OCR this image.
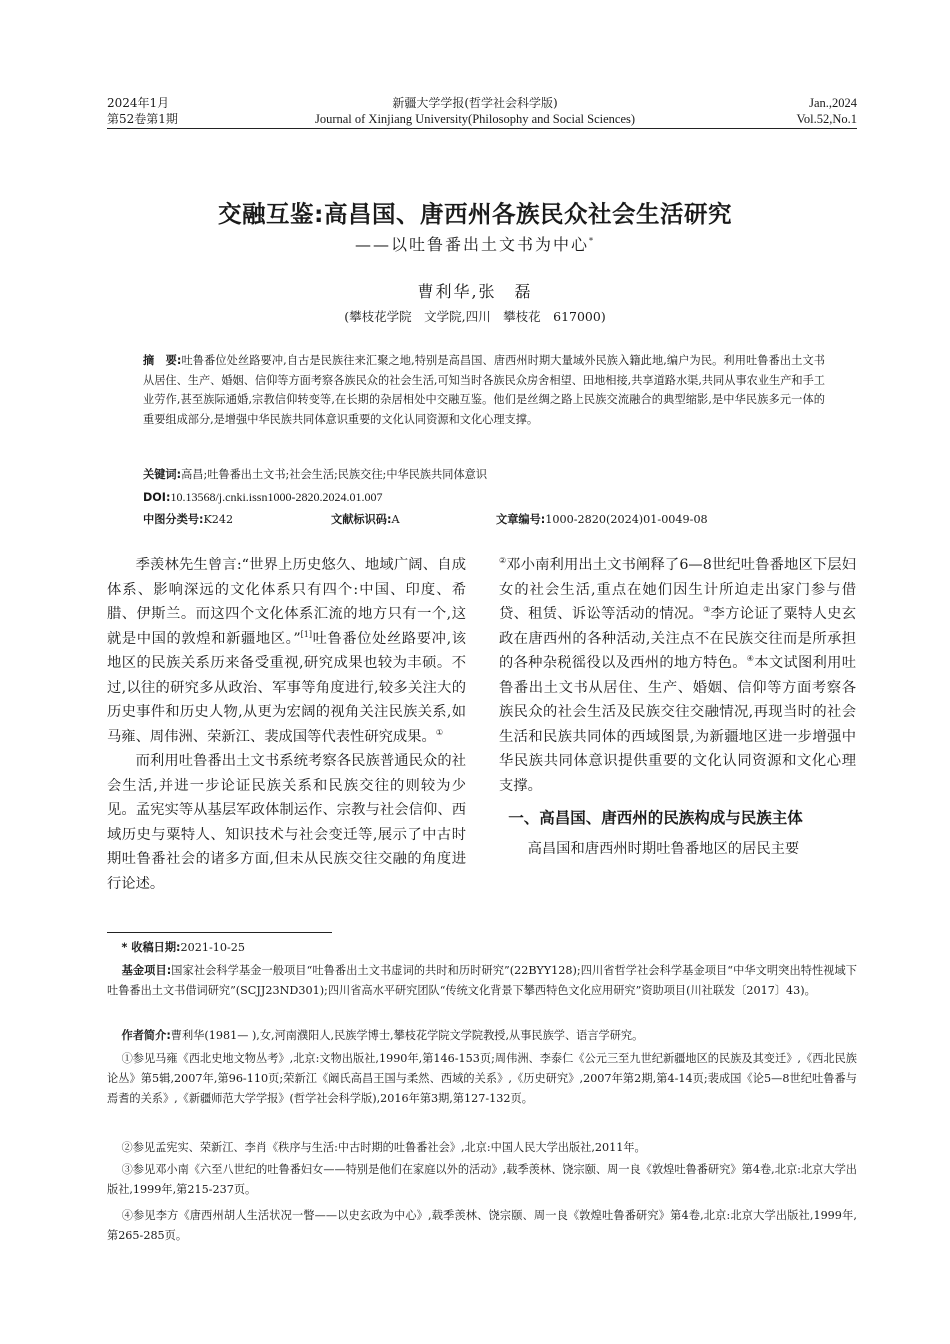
2024年1月
第52卷第1期
新疆大学学报(哲学社会科学版)
Journal of Xinjiang University(Philosophy and Social Sciences)
Jan.,2024
Vol.52,No.1
交融互鉴:高昌国、唐西州各族民众社会生活研究
——以吐鲁番出土文书为中心*
曹利华,张　磊
(攀枝花学院　文学院,四川　攀枝花　617000)
摘　要:吐鲁番位处丝路要冲,自古是民族往来汇聚之地,特别是高昌国、唐西州时期大量域外民族入籍此地,编户为民。利用吐鲁番出土文书从居住、生产、婚姻、信仰等方面考察各族民众的社会生活,可知当时各族民众房舍相望、田地相接,共享道路水渠,共同从事农业生产和手工业劳作,甚至族际通婚,宗教信仰转变等,在长期的杂居相处中交融互鉴。他们是丝绸之路上民族交流融合的典型缩影,是中华民族多元一体的重要组成部分,是增强中华民族共同体意识重要的文化认同资源和文化心理支撑。
关键词:高昌;吐鲁番出土文书;社会生活;民族交往;中华民族共同体意识
DOI:10.13568/j.cnki.issn1000-2820.2024.01.007
中图分类号:K242	文献标识码:A	文章编号:1000-2820(2024)01-0049-08

季羡林先生曾言:“世界上历史悠久、地域广阔、自成体系、影响深远的文化体系只有四个:中国、印度、希腊、伊斯兰。而这四个文化体系汇流的地方只有一个,这就是中国的敦煌和新疆地区。”[1]吐鲁番位处丝路要冲,该地区的民族关系历来备受重视,研究成果也较为丰硕。不过,以往的研究多从政治、军事等角度进行,较多关注大的历史事件和历史人物,从更为宏阔的视角关注民族关系,如马雍、周伟洲、荣新江、裴成国等代表性研究成果。①

而利用吐鲁番出土文书系统考察各民族普通民众的社会生活,并进一步论证民族关系和民族交往的则较为少见。孟宪实等从基层军政体制运作、宗教与社会信仰、西域历史与粟特人、知识技术与社会变迁等,展示了中古时期吐鲁番社会的诸多方面,但未从民族交往交融的角度进行论述。

②邓小南利用出土文书阐释了6—8世纪吐鲁番地区下层妇女的社会生活,重点在她们因生计所迫走出家门参与借贷、租赁、诉讼等活动的情况。③李方论证了粟特人史玄政在唐西州的各种活动,关注点不在民族交往而是所承担的各种杂税徭役以及西州的地方特色。④本文试图利用吐鲁番出土文书从居住、生产、婚姻、信仰等方面考察各族民众的社会生活及民族交往交融情况,再现当时的社会生活和民族共同体的西域图景,为新疆地区进一步增强中华民族共同体意识提供重要的文化认同资源和文化心理支撑。

一、高昌国、唐西州的民族构成与民族主体

高昌国和唐西州时期吐鲁番地区的居民主要

* 收稿日期:2021-10-25
基金项目:国家社会科学基金一般项目“吐鲁番出土文书虚词的共时和历时研究”(22BYY128);四川省哲学社会科学基金项目“中华文明突出特性视域下吐鲁番出土文书借词研究”(SCJJ23ND301);四川省高水平研究团队“传统文化背景下攀西特色文化应用研究”资助项目(川社联发〔2017〕43)。
作者简介:曹利华(1981— ),女,河南濮阳人,民族学博士,攀枝花学院文学院教授,从事民族学、语言学研究。
①参见马雍《西北史地文物丛考》,北京:文物出版社,1990年,第146-153页;周伟洲、李泰仁《公元三至九世纪新疆地区的民族及其变迁》,《西北民族论丛》第5辑,2007年,第96-110页;荣新江《阚氏高昌王国与柔然、西域的关系》,《历史研究》,2007年第2期,第4-14页;裴成国《论5—8世纪吐鲁番与焉耆的关系》,《新疆师范大学学报》(哲学社会科学版),2016年第3期,第127-132页。
②参见孟宪实、荣新江、李肖《秩序与生活:中古时期的吐鲁番社会》,北京:中国人民大学出版社,2011年。
③参见邓小南《六至八世纪的吐鲁番妇女——特别是他们在家庭以外的活动》,载季羡林、饶宗颐、周一良《敦煌吐鲁番研究》第4卷,北京:北京大学出版社,1999年,第215-237页。
④参见李方《唐西州胡人生活状况一瞥——以史玄政为中心》,载季羡林、饶宗颐、周一良《敦煌吐鲁番研究》第4卷,北京:北京大学出版社,1999年,第265-285页。
